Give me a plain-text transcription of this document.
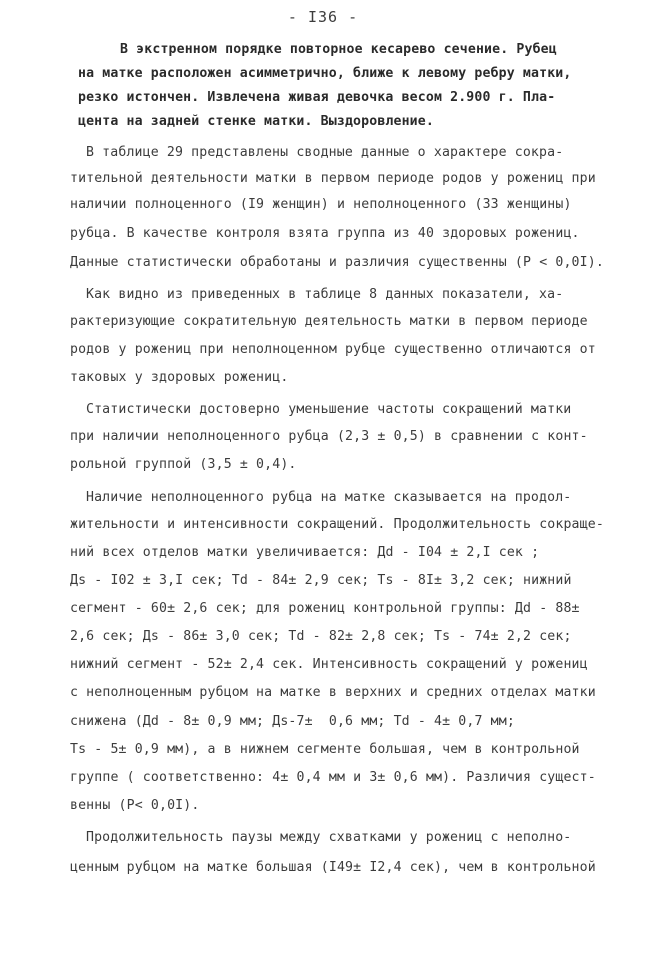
- I36 -
В экстренном порядке повторное кесарево сечение. Рубец
на матке расположен асимметрично, ближе к левому ребру матки,
резко истончен. Извлечена живая девочка весом 2.900 г. Пла-
цента на задней стенке матки. Выздоровление.
В таблице 29 представлены сводные данные о характере сокра-
тительной деятельности матки в первом периоде родов у рожениц при
наличии полноценного (I9 женщин) и неполноценного (33 женщины)
рубца. В качестве контроля взята группа из 40 здоровых рожениц.
Данные статистически обработаны и различия существенны (Р < 0,0I).
Как видно из приведенных в таблице 8 данных показатели, ха-
рактеризующие сократительную деятельность матки в первом периоде
родов у рожениц при неполноценном рубце существенно отличаются от
таковых у здоровых рожениц.
Статистически достоверно уменьшение частоты сокращений матки
при наличии неполноценного рубца (2,3 ± 0,5) в сравнении с конт-
рольной группой (3,5 ± 0,4).
Наличие неполноценного рубца на матке сказывается на продол-
жительности и интенсивности сокращений. Продолжительность сокраще-
ний всех отделов матки увеличивается: Дd - I04 ± 2,I сек ;
Дs - I02 ± 3,I сек; Тd - 84± 2,9 сек; Тs - 8I± 3,2 сек; нижний
сегмент - 60± 2,6 сек; для рожениц контрольной группы: Дd - 88±
2,6 сек; Дs - 86± 3,0 сек; Тd - 82± 2,8 сек; Тs - 74± 2,2 сек;
нижний сегмент - 52± 2,4 сек. Интенсивность сокращений у рожениц
с неполноценным рубцом на матке в верхних и средних отделах матки
снижена (Дd - 8± 0,9 мм; Дs-7±  0,6 мм; Тd - 4± 0,7 мм;
Тs - 5± 0,9 мм), а в нижнем сегменте большая, чем в контрольной
группе ( соответственно: 4± 0,4 мм и 3± 0,6 мм). Различия сущест-
венны (Р< 0,0I).
Продолжительность паузы между схватками у рожениц с неполно-
ценным рубцом на матке большая (I49± I2,4 сек), чем в контрольной
